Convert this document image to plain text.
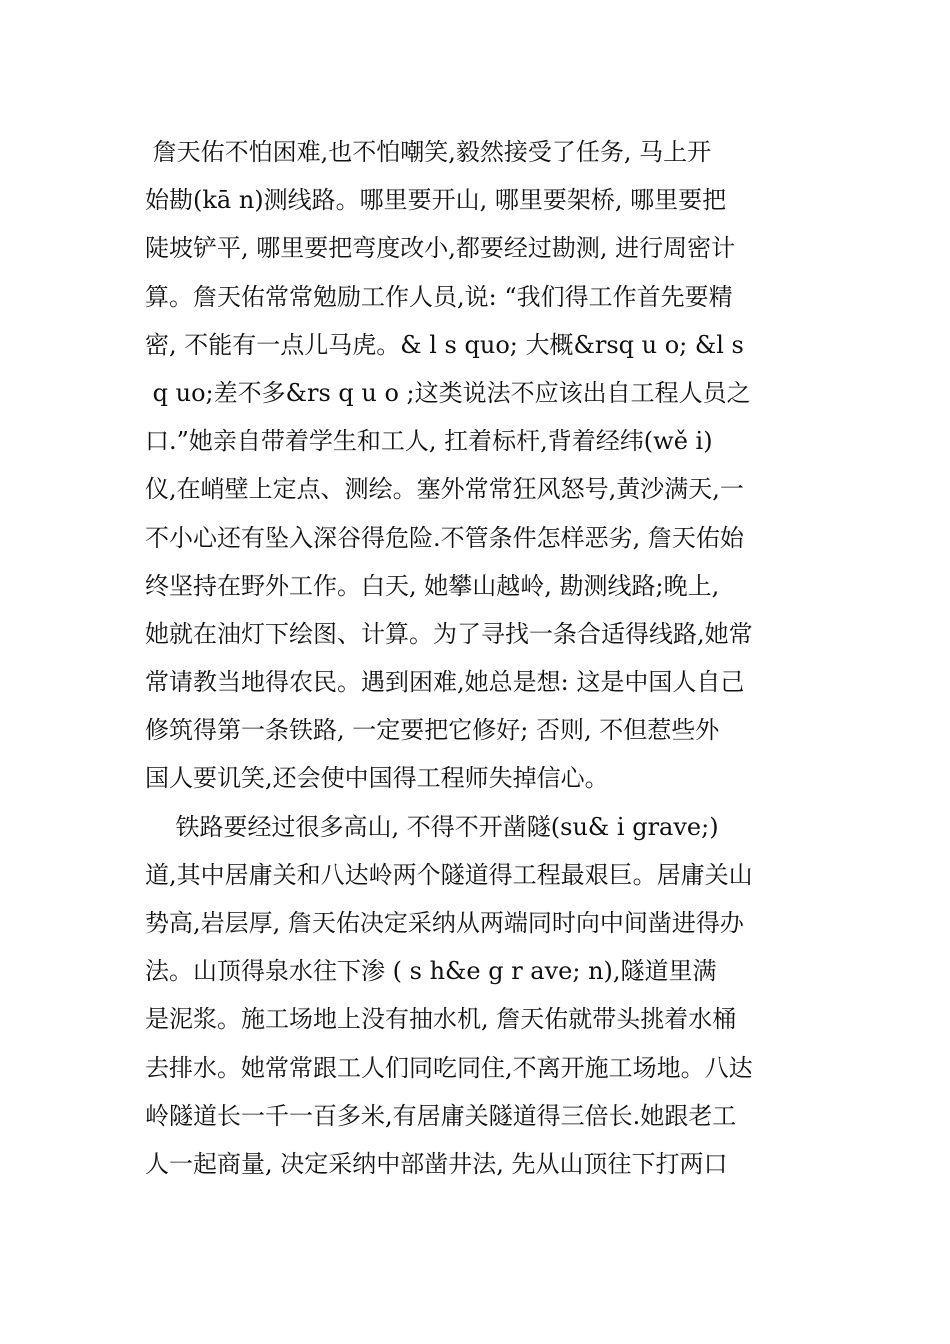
詹天佑不怕困难,也不怕嘲笑,毅然接受了任务, 马上开
始勘(kā n)测线路。哪里要开山, 哪里要架桥, 哪里要把
陡坡铲平, 哪里要把弯度改小,都要经过勘测, 进行周密计
算。詹天佑常常勉励工作人员,说: “我们得工作首先要精
密, 不能有一点儿马虎。& l s quo; 大概&rsq u o; &l s
q uo;差不多&rs q u o ;这类说法不应该出自工程人员之
口.”她亲自带着学生和工人, 扛着标杆,背着经纬(wě i)
仪,在峭壁上定点、测绘。塞外常常狂风怒号,黄沙满天,一
不小心还有坠入深谷得危险.不管条件怎样恶劣, 詹天佑始
终坚持在野外工作。白天, 她攀山越岭, 勘测线路;晚上,
她就在油灯下绘图、计算。为了寻找一条合适得线路,她常
常请教当地得农民。遇到困难,她总是想: 这是中国人自己
修筑得第一条铁路, 一定要把它修好; 否则, 不但惹些外
国人要讥笑,还会使中国得工程师失掉信心。
铁路要经过很多高山, 不得不开凿隧(su& i grave;)
道,其中居庸关和八达岭两个隧道得工程最艰巨。居庸关山
势高,岩层厚, 詹天佑决定采纳从两端同时向中间凿进得办
法。山顶得泉水往下渗 ( s h&e g r ave; n),隧道里满
是泥浆。施工场地上没有抽水机, 詹天佑就带头挑着水桶
去排水。她常常跟工人们同吃同住,不离开施工场地。八达
岭隧道长一千一百多米,有居庸关隧道得三倍长.她跟老工
人一起商量, 决定采纳中部凿井法, 先从山顶往下打两口
